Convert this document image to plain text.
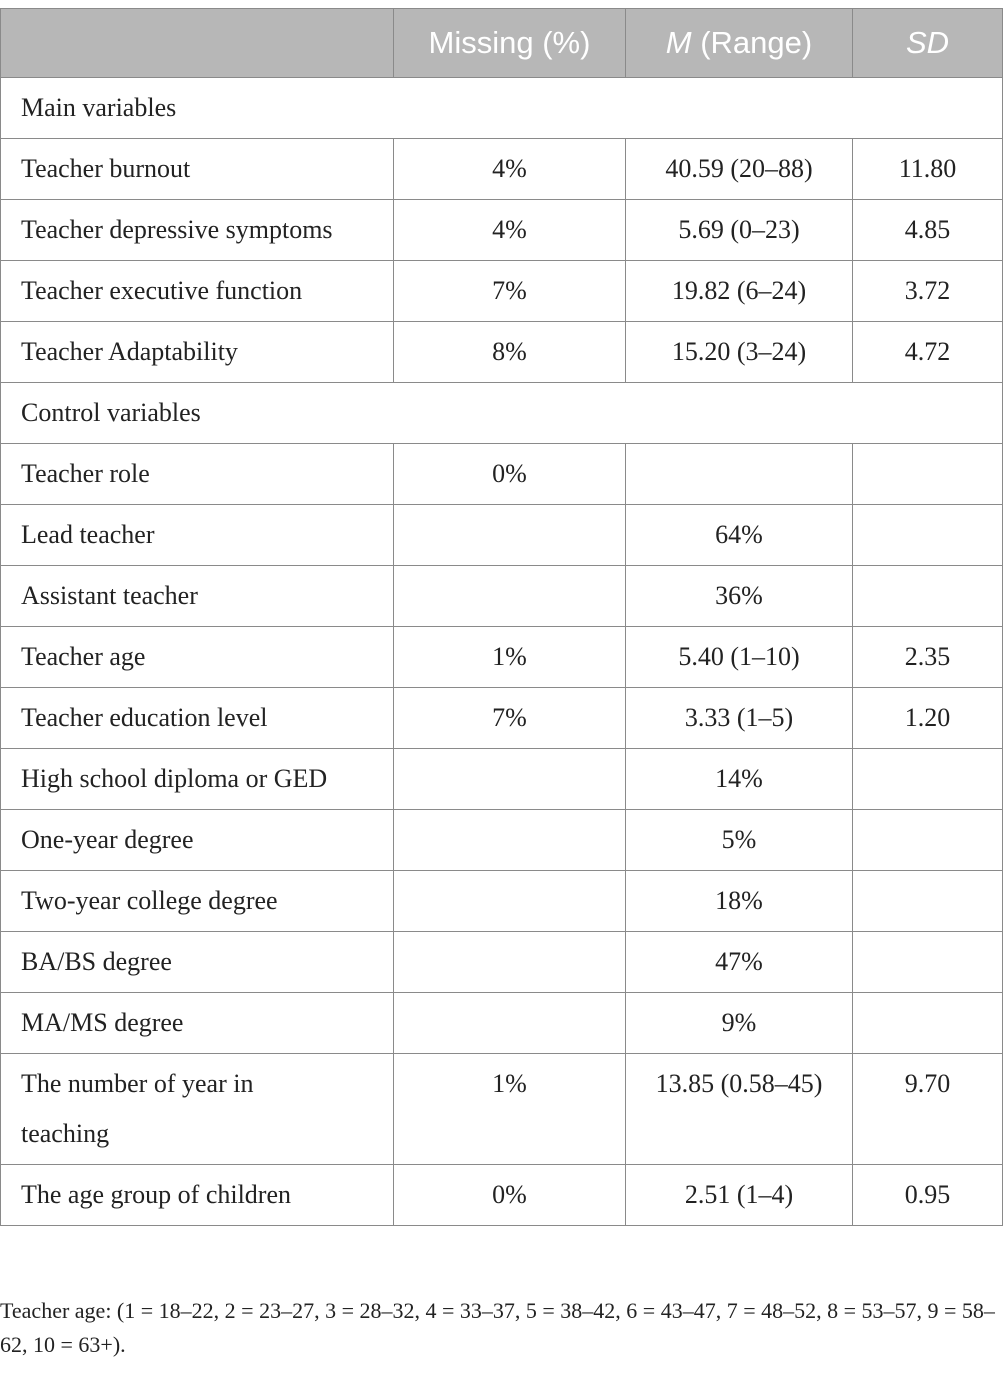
	Missing (%)	M (Range)	SD
Main variables			
Teacher burnout	4%	40.59 (20–88)	11.80
Teacher depressive symptoms	4%	5.69 (0–23)	4.85
Teacher executive function	7%	19.82 (6–24)	3.72
Teacher Adaptability	8%	15.20 (3–24)	4.72
Control variables			
Teacher role	0%		
Lead teacher		64%	
Assistant teacher		36%	
Teacher age	1%	5.40 (1–10)	2.35
Teacher education level	7%	3.33 (1–5)	1.20
High school diploma or GED		14%	
One-year degree		5%	
Two-year college degree		18%	
BA/BS degree		47%	
MA/MS degree		9%	
The number of year in teaching	1%	13.85 (0.58–45)	9.70
The age group of children	0%	2.51 (1–4)	0.95
Teacher age: (1 = 18–22, 2 = 23–27, 3 = 28–32, 4 = 33–37, 5 = 38–42, 6 = 43–47, 7 = 48–52, 8 = 53–57, 9 = 58–62, 10 = 63+).
